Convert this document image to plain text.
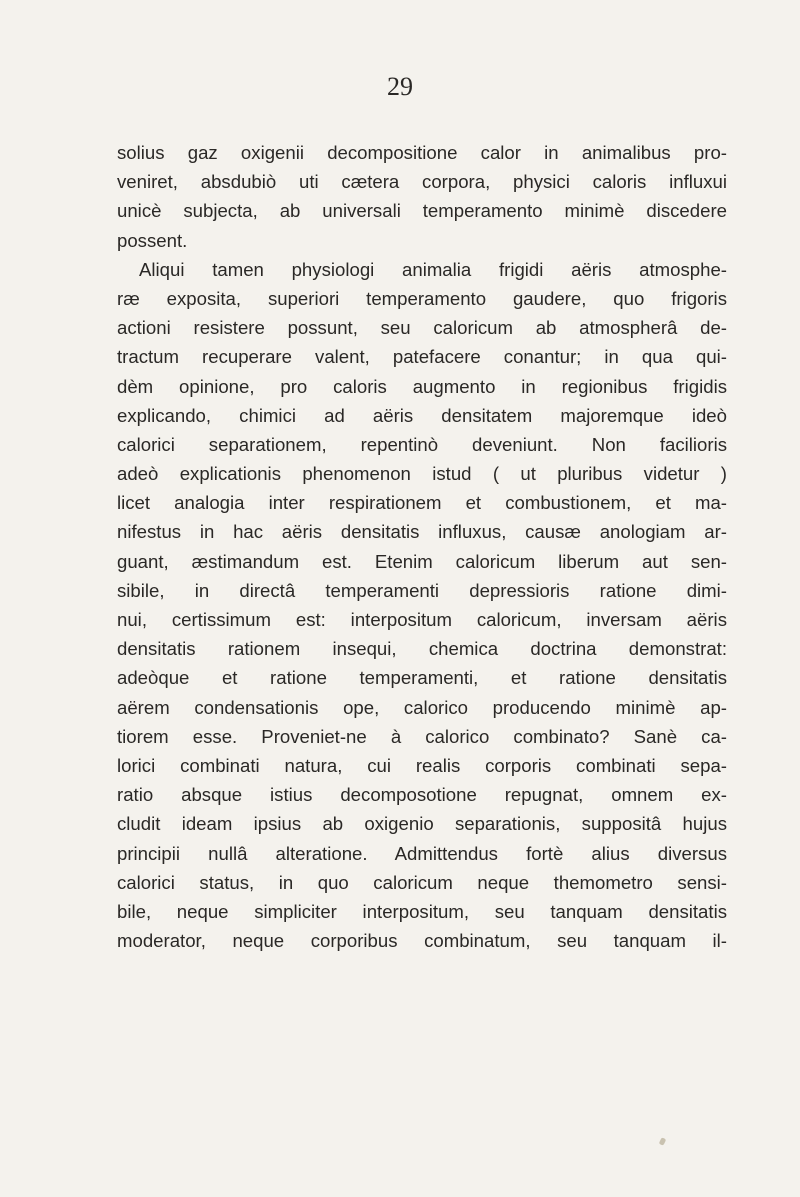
29
solius gaz oxigenii decompositione calor in animalibus pro-
veniret, absdubiò uti cætera corpora, physici caloris influxui
unicè subjecta, ab universali temperamento minimè discedere
possent.
Aliqui tamen physiologi animalia frigidi aëris atmosphe-
ræ exposita, superiori temperamento gaudere, quo frigoris
actioni resistere possunt, seu caloricum ab atmospherâ de-
tractum recuperare valent, patefacere conantur; in qua qui-
dèm opinione, pro caloris augmento in regionibus frigidis
explicando, chimici ad aëris densitatem majoremque ideò
calorici separationem, repentinò deveniunt. Non facilioris
adeò explicationis phenomenon istud ( ut pluribus videtur )
licet analogia inter respirationem et combustionem, et ma-
nifestus in hac aëris densitatis influxus, causæ anologiam ar-
guant, æstimandum est. Etenim caloricum liberum aut sen-
sibile, in directâ temperamenti depressioris ratione dimi-
nui, certissimum est: interpositum caloricum, inversam aëris
densitatis rationem insequi, chemica doctrina demonstrat:
adeòque et ratione temperamenti, et ratione densitatis
aërem condensationis ope, calorico producendo minimè ap-
tiorem esse. Proveniet-ne à calorico combinato? Sanè ca-
lorici combinati natura, cui realis corporis combinati sepa-
ratio absque istius decomposotione repugnat, omnem ex-
cludit ideam ipsius ab oxigenio separationis, suppositâ hujus
principii nullâ alteratione. Admittendus fortè alius diversus
calorici status, in quo caloricum neque themometro sensi-
bile, neque simpliciter interpositum, seu tanquam densitatis
moderator, neque corporibus combinatum, seu tanquam il-
